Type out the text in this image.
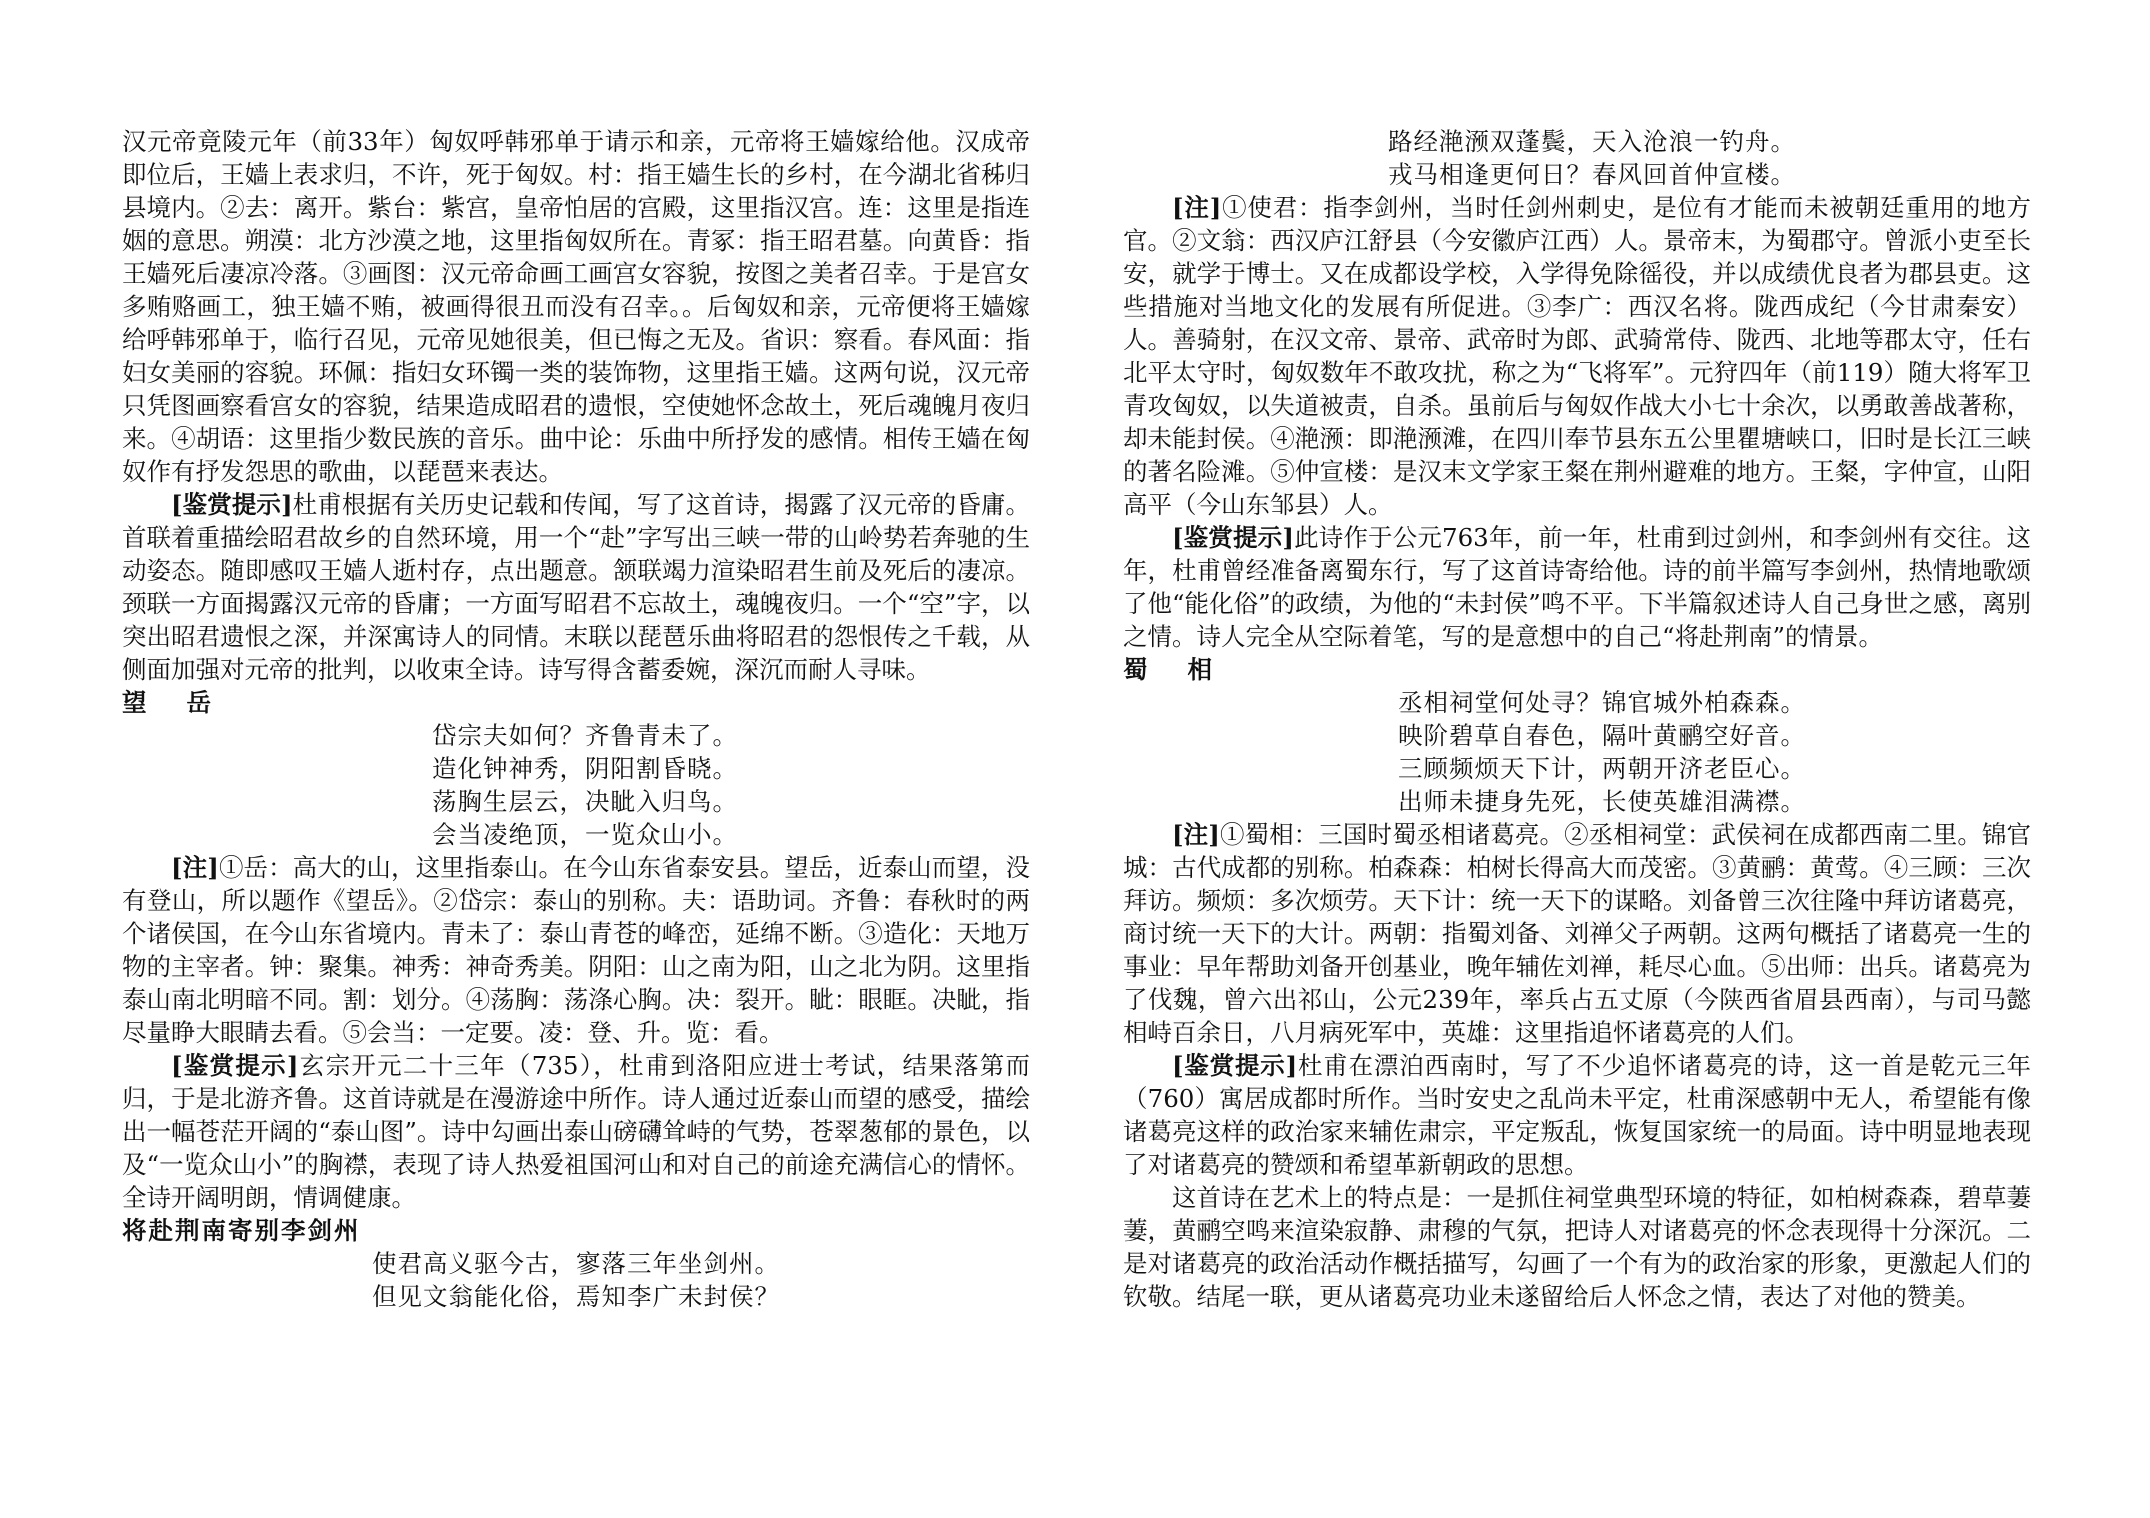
汉元帝竟陵元年（前33年）匈奴呼韩邪单于请示和亲，元帝将王嫱嫁给他。汉成帝即位后，王嫱上表求归，不许，死于匈奴。村：指王嫱生长的乡村，在今湖北省秭归县境内。②去：离开。紫台：紫宫，皇帝怕居的宫殿，这里指汉宫。连：这里是指连姻的意思。朔漠：北方沙漠之地，这里指匈奴所在。青冢：指王昭君墓。向黄昏：指王嫱死后凄凉冷落。③画图：汉元帝命画工画宫女容貌，按图之美者召幸。于是宫女多贿赂画工，独王嫱不贿，被画得很丑而没有召幸。。后匈奴和亲，元帝便将王嫱嫁给呼韩邪单于，临行召见，元帝见她很美，但已悔之无及。省识：察看。春风面：指妇女美丽的容貌。环佩：指妇女环镯一类的装饰物，这里指王嫱。这两句说，汉元帝只凭图画察看宫女的容貌，结果造成昭君的遗恨，空使她怀念故土，死后魂魄月夜归来。④胡语：这里指少数民族的音乐。曲中论：乐曲中所抒发的感情。相传王嫱在匈奴作有抒发怨思的歌曲，以琵琶来表达。

[鉴赏提示]杜甫根据有关历史记载和传闻，写了这首诗，揭露了汉元帝的昏庸。首联着重描绘昭君故乡的自然环境，用一个“赴”字写出三峡一带的山岭势若奔驰的生动姿态。随即感叹王嫱人逝村存，点出题意。颔联竭力渲染昭君生前及死后的凄凉。颈联一方面揭露汉元帝的昏庸；一方面写昭君不忘故土，魂魄夜归。一个“空”字，以突出昭君遗恨之深，并深寓诗人的同情。末联以琵琶乐曲将昭君的怨恨传之千载，从侧面加强对元帝的批判，以收束全诗。诗写得含蓄委婉，深沉而耐人寻味。

望岳

岱宗夫如何？齐鲁青未了。

造化钟神秀，阴阳割昏晓。

荡胸生层云，决眦入归鸟。

会当凌绝顶，一览众山小。

[注]①岳：高大的山，这里指泰山。在今山东省泰安县。望岳，近泰山而望，没有登山，所以题作《望岳》。②岱宗：泰山的别称。夫：语助词。齐鲁：春秋时的两个诸侯国，在今山东省境内。青未了：泰山青苍的峰峦，延绵不断。③造化：天地万物的主宰者。钟：聚集。神秀：神奇秀美。阴阳：山之南为阳，山之北为阴。这里指泰山南北明暗不同。割：划分。④荡胸：荡涤心胸。决：裂开。眦：眼眶。决眦，指尽量睁大眼睛去看。⑤会当：一定要。凌：登、升。览：看。

[鉴赏提示]玄宗开元二十三年（735），杜甫到洛阳应进士考试，结果落第而归，于是北游齐鲁。这首诗就是在漫游途中所作。诗人通过近泰山而望的感受，描绘出一幅苍茫开阔的“泰山图”。诗中勾画出泰山磅礴耸峙的气势，苍翠葱郁的景色，以及“一览众山小”的胸襟，表现了诗人热爱祖国河山和对自己的前途充满信心的情怀。全诗开阔明朗，情调健康。

将赴荆南寄别李剑州

使君高义驱今古，寥落三年坐剑州。

但见文翁能化俗，焉知李广未封侯？

路经滟滪双蓬鬓，天入沧浪一钓舟。

戎马相逢更何日？春风回首仲宣楼。

[注]①使君：指李剑州，当时任剑州刺史，是位有才能而未被朝廷重用的地方官。②文翁：西汉庐江舒县（今安徽庐江西）人。景帝末，为蜀郡守。曾派小吏至长安，就学于博士。又在成都设学校，入学得免除徭役，并以成绩优良者为郡县吏。这些措施对当地文化的发展有所促进。③李广：西汉名将。陇西成纪（今甘肃秦安）人。善骑射，在汉文帝、景帝、武帝时为郎、武骑常侍、陇西、北地等郡太守，任右北平太守时，匈奴数年不敢攻扰，称之为“飞将军”。元狩四年（前119）随大将军卫青攻匈奴，以失道被责，自杀。虽前后与匈奴作战大小七十余次，以勇敢善战著称，却未能封侯。④滟滪：即滟滪滩，在四川奉节县东五公里瞿塘峡口，旧时是长江三峡的著名险滩。⑤仲宣楼：是汉末文学家王粲在荆州避难的地方。王粲，字仲宣，山阳高平（今山东邹县）人。

[鉴赏提示]此诗作于公元763年，前一年，杜甫到过剑州，和李剑州有交往。这年，杜甫曾经准备离蜀东行，写了这首诗寄给他。诗的前半篇写李剑州，热情地歌颂了他“能化俗”的政绩，为他的“未封侯”鸣不平。下半篇叙述诗人自己身世之感，离别之情。诗人完全从空际着笔，写的是意想中的自己“将赴荆南”的情景。

蜀相

丞相祠堂何处寻？锦官城外柏森森。

映阶碧草自春色，隔叶黄鹂空好音。

三顾频烦天下计，两朝开济老臣心。

出师未捷身先死，长使英雄泪满襟。

[注]①蜀相：三国时蜀丞相诸葛亮。②丞相祠堂：武侯祠在成都西南二里。锦官城：古代成都的别称。柏森森：柏树长得高大而茂密。③黄鹂：黄莺。④三顾：三次拜访。频烦：多次烦劳。天下计：统一天下的谋略。刘备曾三次往隆中拜访诸葛亮，商讨统一天下的大计。两朝：指蜀刘备、刘禅父子两朝。这两句概括了诸葛亮一生的事业：早年帮助刘备开创基业，晚年辅佐刘禅，耗尽心血。⑤出师：出兵。诸葛亮为了伐魏，曾六出祁山，公元239年，率兵占五丈原（今陕西省眉县西南），与司马懿相峙百余日，八月病死军中，英雄：这里指追怀诸葛亮的人们。

[鉴赏提示]杜甫在漂泊西南时，写了不少追怀诸葛亮的诗，这一首是乾元三年（760）寓居成都时所作。当时安史之乱尚未平定，杜甫深感朝中无人，希望能有像诸葛亮这样的政治家来辅佐肃宗，平定叛乱，恢复国家统一的局面。诗中明显地表现了对诸葛亮的赞颂和希望革新朝政的思想。

这首诗在艺术上的特点是：一是抓住祠堂典型环境的特征，如柏树森森，碧草萋萋，黄鹂空鸣来渲染寂静、肃穆的气氛，把诗人对诸葛亮的怀念表现得十分深沉。二是对诸葛亮的政治活动作概括描写，勾画了一个有为的政治家的形象，更激起人们的钦敬。结尾一联，更从诸葛亮功业未遂留给后人怀念之情，表达了对他的赞美。
